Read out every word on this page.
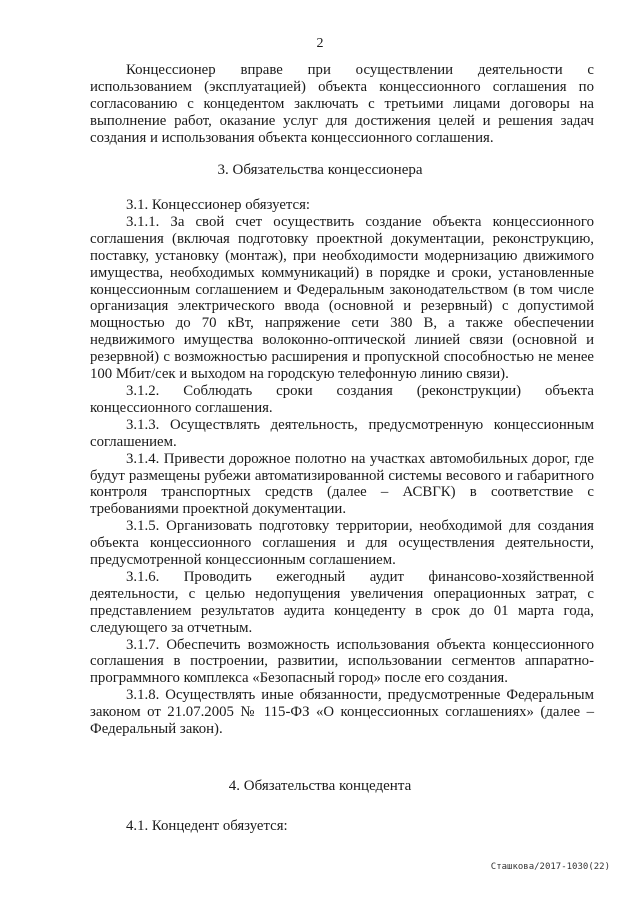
2

Концессионер вправе при осуществлении деятельности с использованием (эксплуатацией) объекта концессионного соглашения по согласованию с концедентом заключать с третьими лицами договоры на выполнение работ, оказание услуг для достижения целей и решения задач создания и использования объекта концессионного соглашения.

3. Обязательства концессионера

3.1. Концессионер обязуется:

3.1.1. За свой счет осуществить создание объекта концессионного соглашения (включая подготовку проектной документации, реконструкцию, поставку, установку (монтаж), при необходимости модернизацию движимого имущества, необходимых коммуникаций) в порядке и сроки, установленные концессионным соглашением и Федеральным законодательством (в том числе организация электрического ввода (основной и резервный) с допустимой мощностью до 70 кВт, напряжение сети 380 В, а также обеспечении недвижимого имущества волоконно-оптической линией связи (основной и резервной) с возможностью расширения и пропускной способностью не менее 100 Мбит/сек и выходом на городскую телефонную линию связи).

3.1.2. Соблюдать сроки создания (реконструкции) объекта концессионного соглашения.

3.1.3. Осуществлять деятельность, предусмотренную концессионным соглашением.

3.1.4. Привести дорожное полотно на участках автомобильных дорог, где будут размещены рубежи автоматизированной системы весового и габаритного контроля транспортных средств (далее – АСВГК) в соответствие с требованиями проектной документации.

3.1.5. Организовать подготовку территории, необходимой для создания объекта концессионного соглашения и для осуществления деятельности, предусмотренной концессионным соглашением.

3.1.6. Проводить ежегодный аудит финансово-хозяйственной деятельности, с целью недопущения увеличения операционных затрат, с представлением результатов аудита концеденту в срок до 01 марта года, следующего за отчетным.

3.1.7. Обеспечить возможность использования объекта концессионного соглашения в построении, развитии, использовании сегментов аппаратно-программного комплекса «Безопасный город» после его создания.

3.1.8. Осуществлять иные обязанности, предусмотренные Федеральным законом от 21.07.2005 № 115-ФЗ «О концессионных соглашениях» (далее – Федеральный закон).

4. Обязательства концедента

4.1. Концедент обязуется:

Сташкова/2017-1030(22)
